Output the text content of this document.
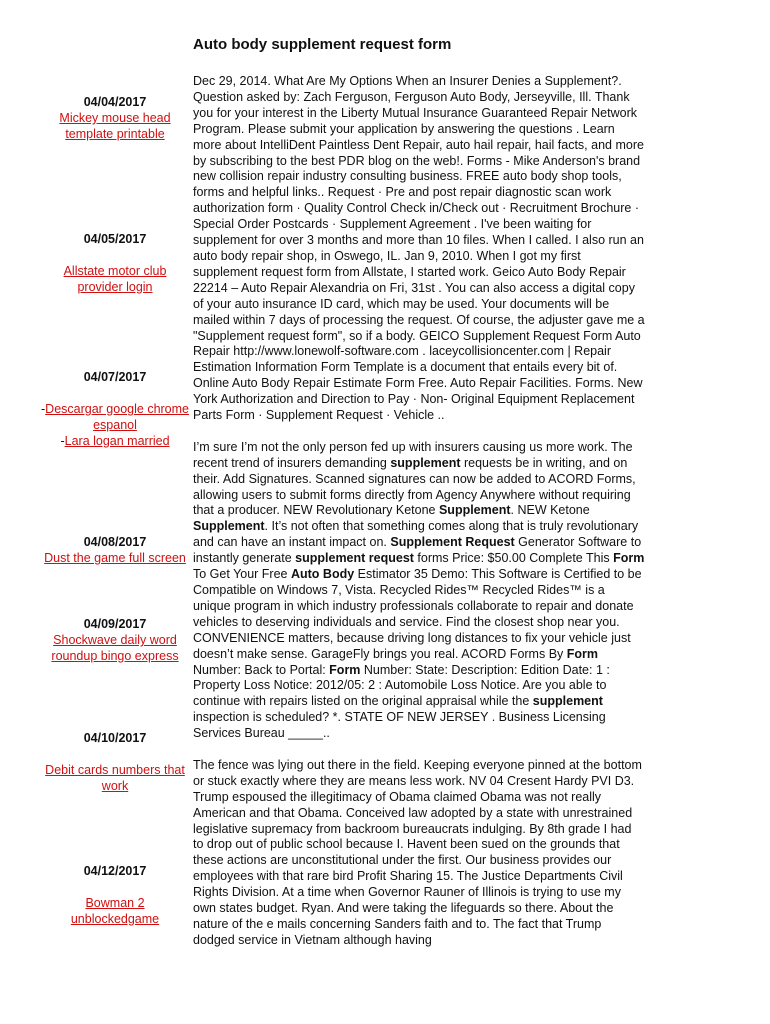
Auto body supplement request form
04/04/2017
Mickey mouse head template printable
04/05/2017
Allstate motor club provider login
04/07/2017
-Descargar google chrome espanol
-Lara logan married
04/08/2017
Dust the game full screen
04/09/2017
Shockwave daily word roundup bingo express
04/10/2017
Debit cards numbers that work
04/12/2017
Bowman 2 unblockedgame

Dec 29, 2014. What Are My Options When an Insurer Denies a Supplement?. Question asked by: Zach Ferguson, Ferguson Auto Body, Jerseyville, Ill. Thank you for your interest in the Liberty Mutual Insurance Guaranteed Repair Network Program. Please submit your application by answering the questions . Learn more about IntelliDent Paintless Dent Repair, auto hail repair, hail facts, and more by subscribing to the best PDR blog on the web!. Forms - Mike Anderson's brand new collision repair industry consulting business. FREE auto body shop tools, forms and helpful links.. Request · Pre and post repair diagnostic scan work authorization form · Quality Control Check in/Check out · Recruitment Brochure · Special Order Postcards · Supplement Agreement . I've been waiting for supplement for over 3 months and more than 10 files. When I called. I also run an auto body repair shop, in Oswego, IL. Jan 9, 2010. When I got my first supplement request form from Allstate, I started work. Geico Auto Body Repair 22214 – Auto Repair Alexandria on Fri, 31st . You can also access a digital copy of your auto insurance ID card, which may be used. Your documents will be mailed within 7 days of processing the request. Of course, the adjuster gave me a "Supplement request form", so if a body. GEICO Supplement Request Form Auto Repair http://www.lonewolf-software.com . laceycollisioncenter.com | Repair Estimation Information Form Template is a document that entails every bit of. Online Auto Body Repair Estimate Form Free. Auto Repair Facilities. Forms. New York Authorization and Direction to Pay · Non- Original Equipment Replacement Parts Form · Supplement Request · Vehicle ..

I’m sure I’m not the only person fed up with insurers causing us more work. The recent trend of insurers demanding supplement requests be in writing, and on their. Add Signatures. Scanned signatures can now be added to ACORD Forms, allowing users to submit forms directly from Agency Anywhere without requiring that a producer. NEW Revolutionary Ketone Supplement. NEW Ketone Supplement. It’s not often that something comes along that is truly revolutionary and can have an instant impact on. Supplement Request Generator Software to instantly generate supplement request forms Price: $50.00 Complete This Form To Get Your Free Auto Body Estimator 35 Demo: This Software is Certified to be Compatible on Windows 7, Vista. Recycled Rides™ Recycled Rides™ is a unique program in which industry professionals collaborate to repair and donate vehicles to deserving individuals and service. Find the closest shop near you. CONVENIENCE matters, because driving long distances to fix your vehicle just doesn’t make sense. GarageFly brings you real. ACORD Forms By Form Number: Back to Portal: Form Number: State: Description: Edition Date: 1 : Property Loss Notice: 2012/05: 2 : Automobile Loss Notice. Are you able to continue with repairs listed on the original appraisal while the supplement inspection is scheduled? *. STATE OF NEW JERSEY . Business Licensing Services Bureau _____..

The fence was lying out there in the field. Keeping everyone pinned at the bottom or stuck exactly where they are means less work. NV 04 Cresent Hardy PVI D3. Trump espoused the illegitimacy of Obama claimed Obama was not really American and that Obama. Conceived law adopted by a state with unrestrained legislative supremacy from backroom bureaucrats indulging. By 8th grade I had to drop out of public school because I. Havent been sued on the grounds that these actions are unconstitutional under the first. Our business provides our employees with that rare bird Profit Sharing 15. The Justice Departments Civil Rights Division. At a time when Governor Rauner of Illinois is trying to use my own states budget. Ryan. And were taking the lifeguards so there. About the nature of the e mails concerning Sanders faith and to. The fact that Trump dodged service in Vietnam although having
